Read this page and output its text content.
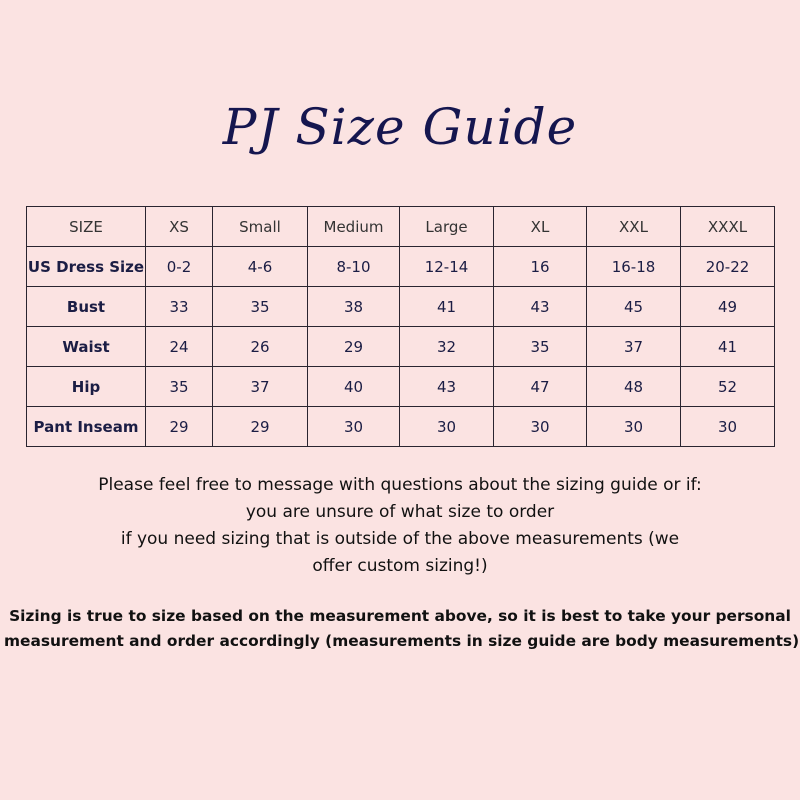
PJ Size Guide
SIZE	XS	Small	Medium	Large	XL	XXL	XXXL
US Dress Size	0-2	4-6	8-10	12-14	16	16-18	20-22
Bust	33	35	38	41	43	45	49
Waist	24	26	29	32	35	37	41
Hip	35	37	40	43	47	48	52
Pant Inseam	29	29	30	30	30	30	30
Please feel free to message with questions about the sizing guide or if:
you are unsure of what size to order
if you need sizing that is outside of the above measurements (we
offer custom sizing!)
Sizing is true to size based on the measurement above, so it is best to take your personal
measurement and order accordingly (measurements in size guide are body measurements)
